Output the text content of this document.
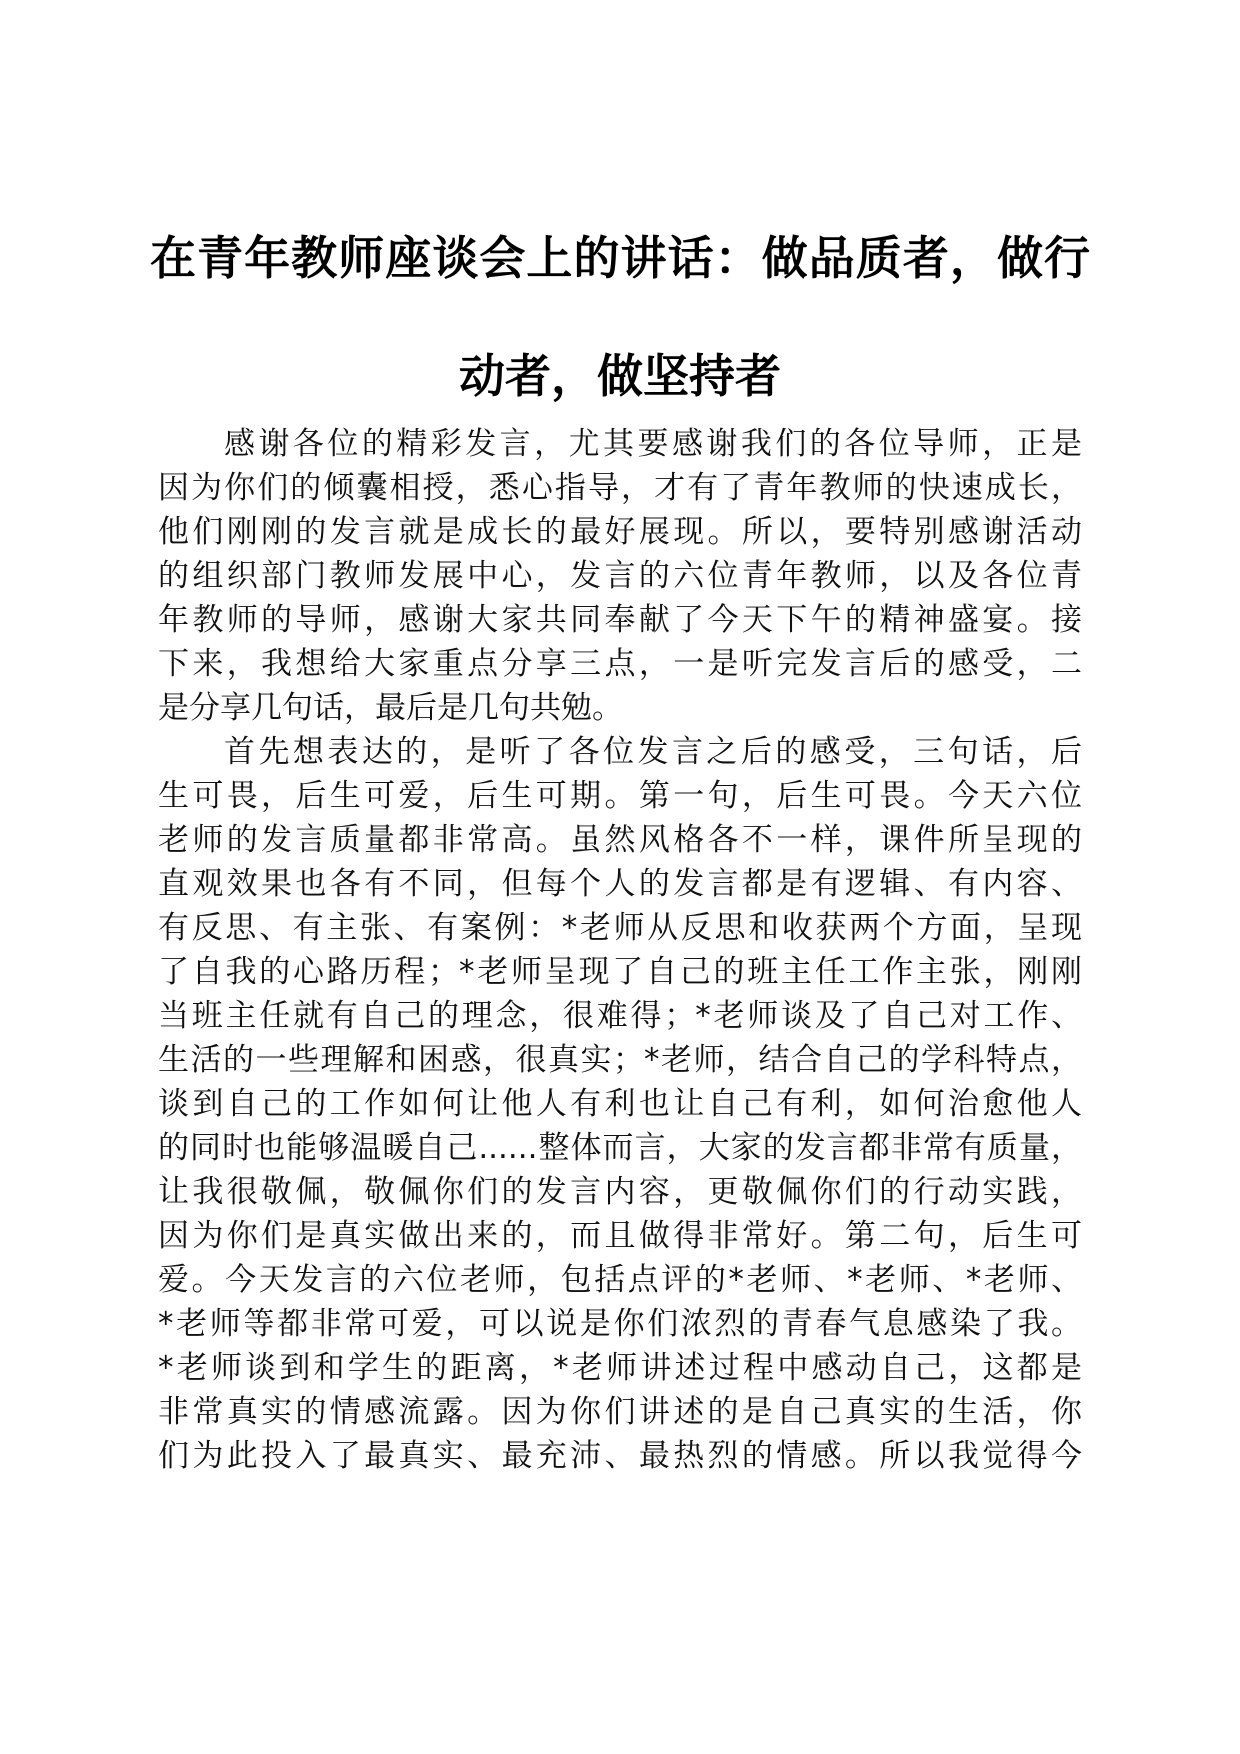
在青年教师座谈会上的讲话：做品质者，做行
动者，做坚持者

感谢各位的精彩发言，尤其要感谢我们的各位导师，正是

因为你们的倾囊相授，悉心指导，才有了青年教师的快速成长，

他们刚刚的发言就是成长的最好展现。所以，要特别感谢活动

的组织部门教师发展中心，发言的六位青年教师，以及各位青

年教师的导师，感谢大家共同奉献了今天下午的精神盛宴。接

下来，我想给大家重点分享三点，一是听完发言后的感受，二

是分享几句话，最后是几句共勉。

首先想表达的，是听了各位发言之后的感受，三句话，后

生可畏，后生可爱，后生可期。第一句，后生可畏。今天六位

老师的发言质量都非常高。虽然风格各不一样，课件所呈现的

直观效果也各有不同，但每个人的发言都是有逻辑、有内容、

有反思、有主张、有案例：*老师从反思和收获两个方面，呈现

了自我的心路历程；*老师呈现了自己的班主任工作主张，刚刚

当班主任就有自己的理念，很难得；*老师谈及了自己对工作、

生活的一些理解和困惑，很真实；*老师，结合自己的学科特点，

谈到自己的工作如何让他人有利也让自己有利，如何治愈他人

的同时也能够温暖自己......整体而言，大家的发言都非常有质量，

让我很敬佩，敬佩你们的发言内容，更敬佩你们的行动实践，

因为你们是真实做出来的，而且做得非常好。第二句，后生可

爱。今天发言的六位老师，包括点评的*老师、*老师、*老师、

*老师等都非常可爱，可以说是你们浓烈的青春气息感染了我。

*老师谈到和学生的距离，*老师讲述过程中感动自己，这都是

非常真实的情感流露。因为你们讲述的是自己真实的生活，你

们为此投入了最真实、最充沛、最热烈的情感。所以我觉得今
